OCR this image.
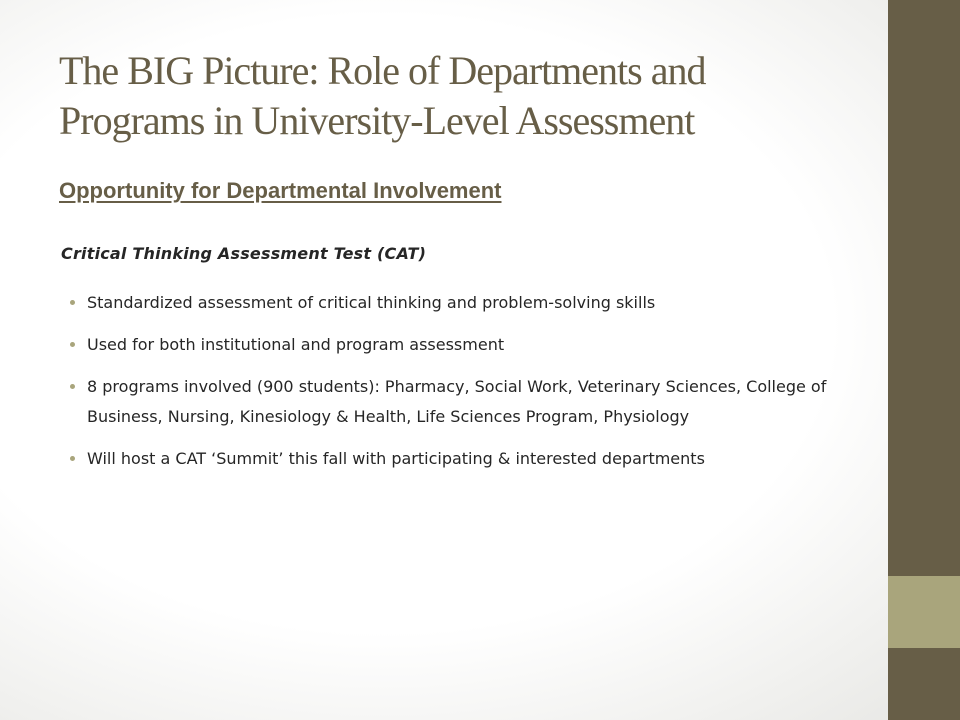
The BIG Picture: Role of Departments and Programs in University-Level Assessment
Opportunity for Departmental Involvement
Critical Thinking Assessment Test (CAT)
Standardized assessment of critical thinking and problem-solving skills
Used for both institutional and program assessment
8 programs involved (900 students): Pharmacy, Social Work, Veterinary Sciences, College of Business, Nursing, Kinesiology & Health, Life Sciences Program, Physiology
Will host a CAT ‘Summit’ this fall with participating & interested departments
